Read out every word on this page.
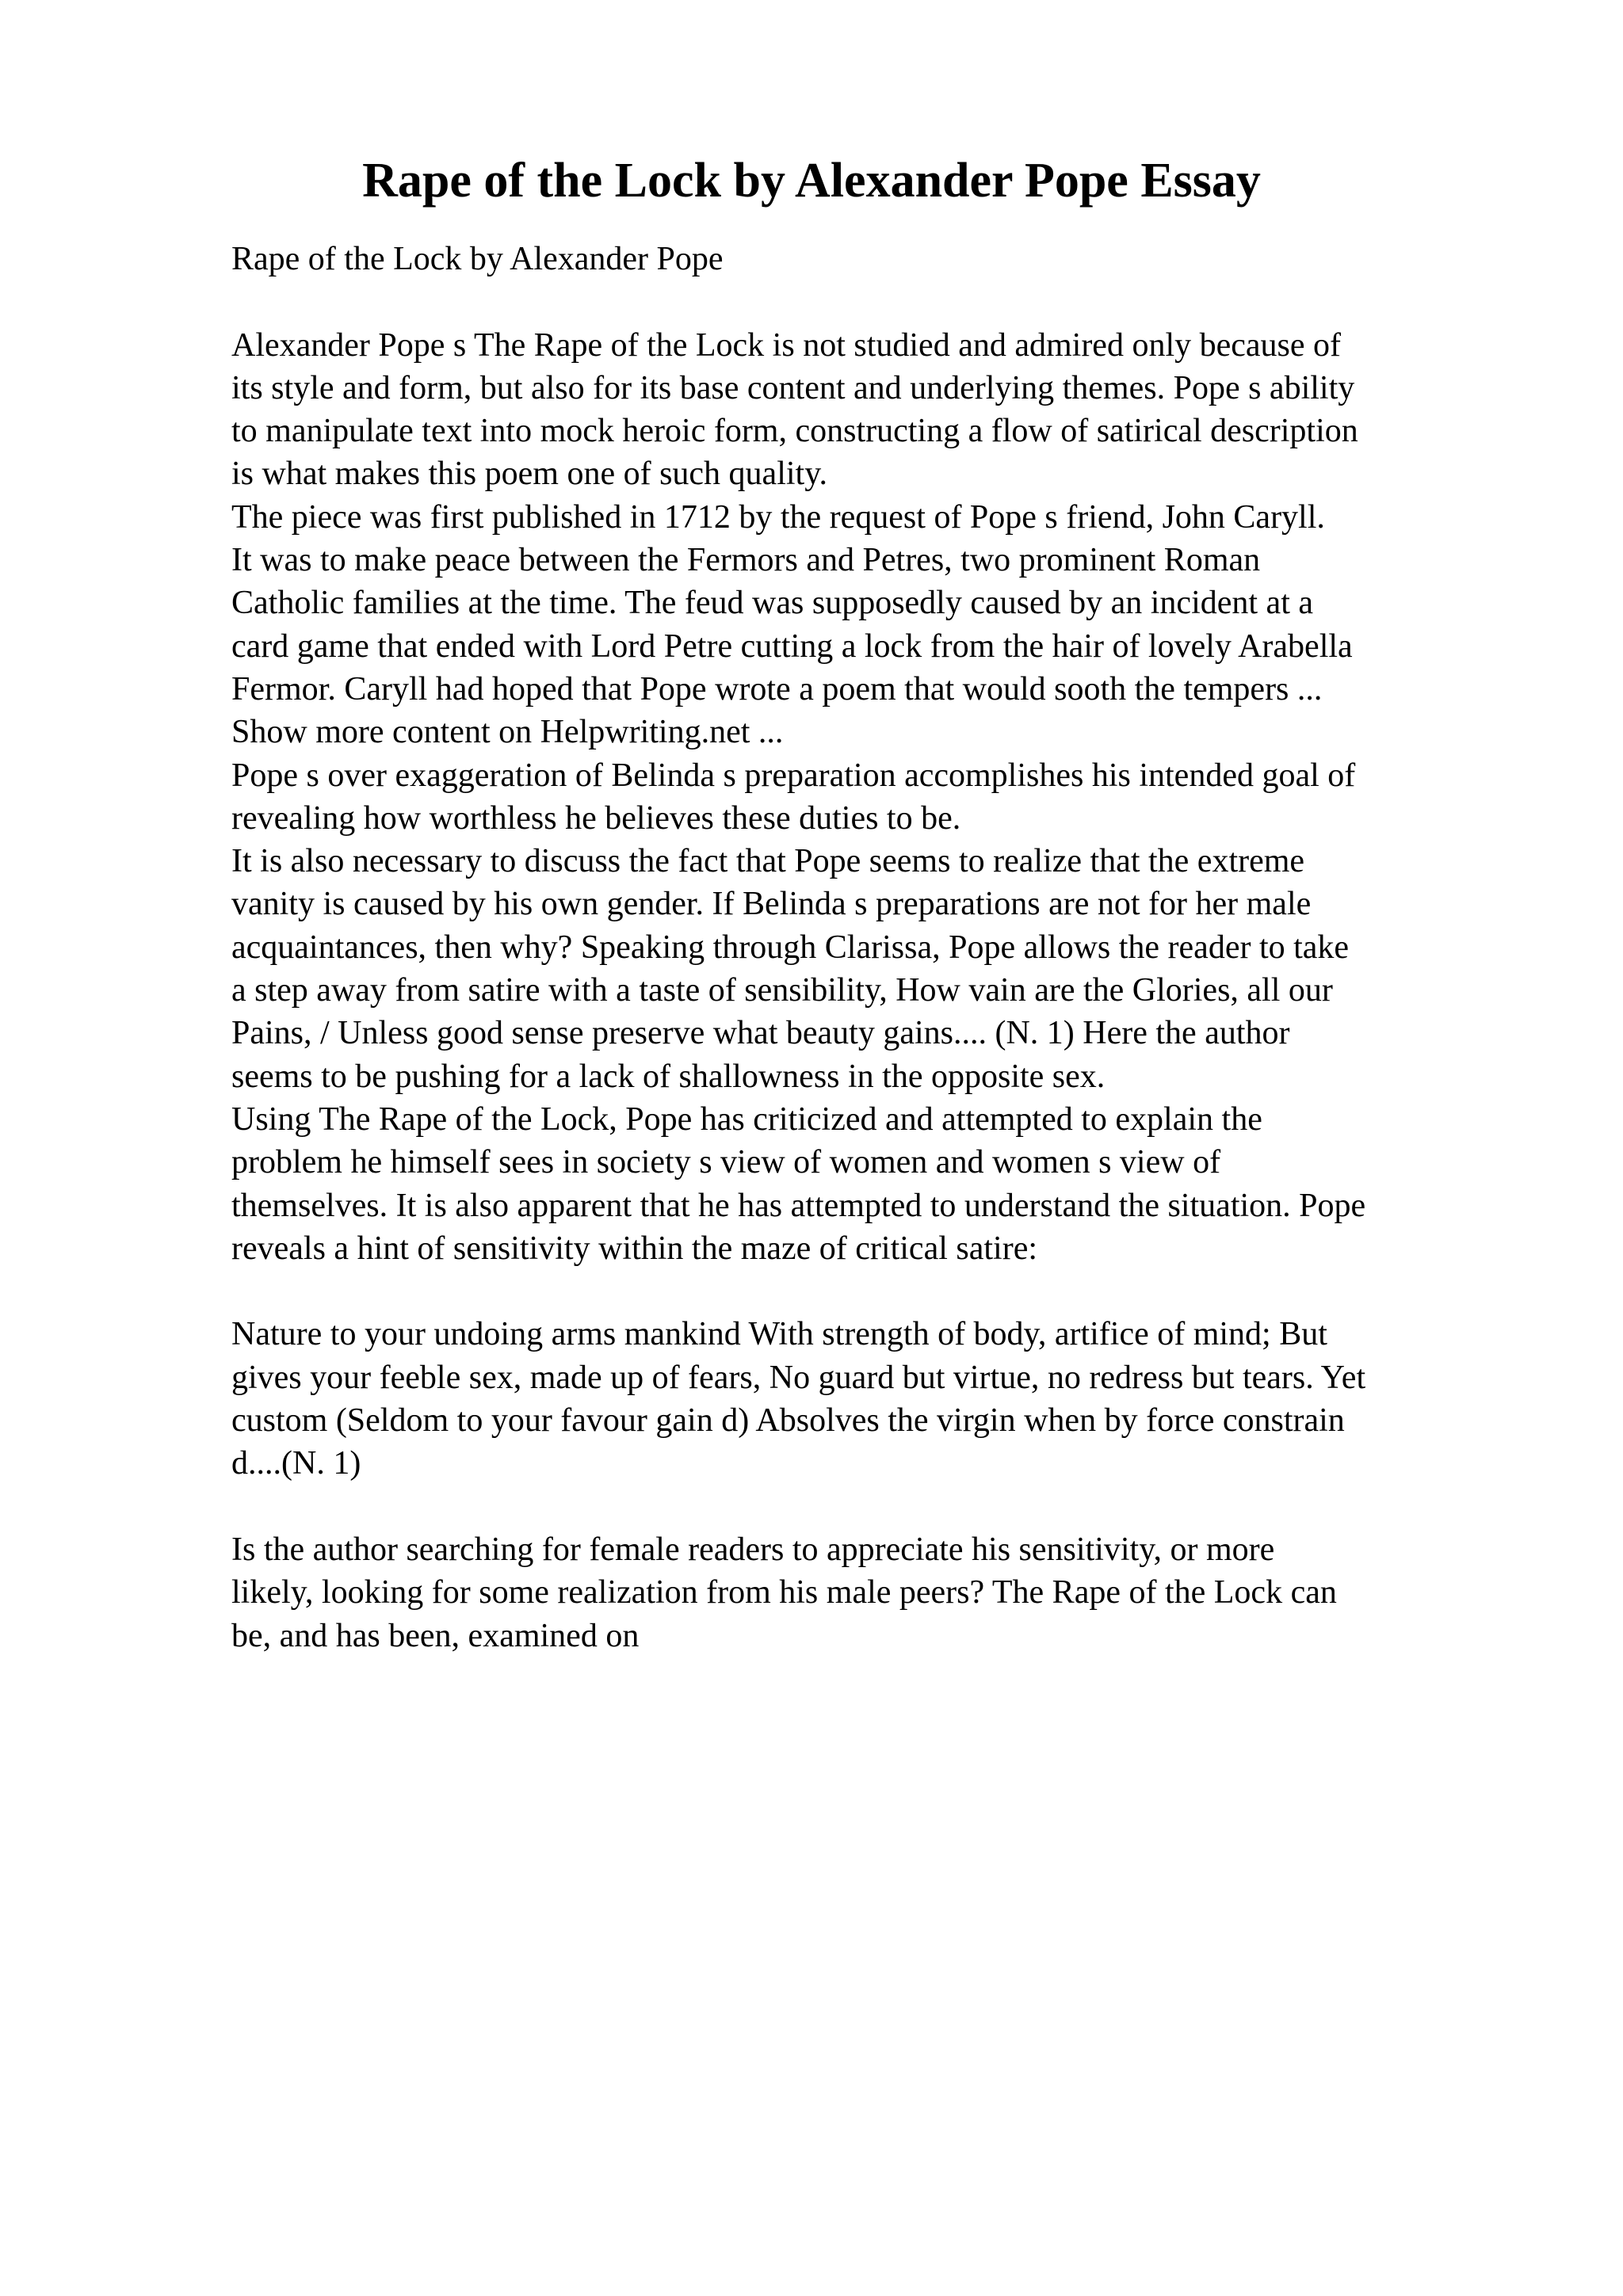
Rape of the Lock by Alexander Pope Essay
Rape of the Lock by Alexander Pope
Alexander Pope s The Rape of the Lock is not studied and admired only because of
its style and form, but also for its base content and underlying themes. Pope s ability
to manipulate text into mock heroic form, constructing a flow of satirical description
is what makes this poem one of such quality.
The piece was first published in 1712 by the request of Pope s friend, John Caryll.
It was to make peace between the Fermors and Petres, two prominent Roman
Catholic families at the time. The feud was supposedly caused by an incident at a
card game that ended with Lord Petre cutting a lock from the hair of lovely Arabella
Fermor. Caryll had hoped that Pope wrote a poem that would sooth the tempers ...
Show more content on Helpwriting.net ...
Pope s over exaggeration of Belinda s preparation accomplishes his intended goal of
revealing how worthless he believes these duties to be.
It is also necessary to discuss the fact that Pope seems to realize that the extreme
vanity is caused by his own gender. If Belinda s preparations are not for her male
acquaintances, then why? Speaking through Clarissa, Pope allows the reader to take
a step away from satire with a taste of sensibility, How vain are the Glories, all our
Pains, / Unless good sense preserve what beauty gains.... (N. 1) Here the author
seems to be pushing for a lack of shallowness in the opposite sex.
Using The Rape of the Lock, Pope has criticized and attempted to explain the
problem he himself sees in society s view of women and women s view of
themselves. It is also apparent that he has attempted to understand the situation. Pope
reveals a hint of sensitivity within the maze of critical satire:
Nature to your undoing arms mankind With strength of body, artifice of mind; But
gives your feeble sex, made up of fears, No guard but virtue, no redress but tears. Yet
custom (Seldom to your favour gain d) Absolves the virgin when by force constrain
d....(N. 1)
Is the author searching for female readers to appreciate his sensitivity, or more
likely, looking for some realization from his male peers? The Rape of the Lock can
be, and has been, examined on
